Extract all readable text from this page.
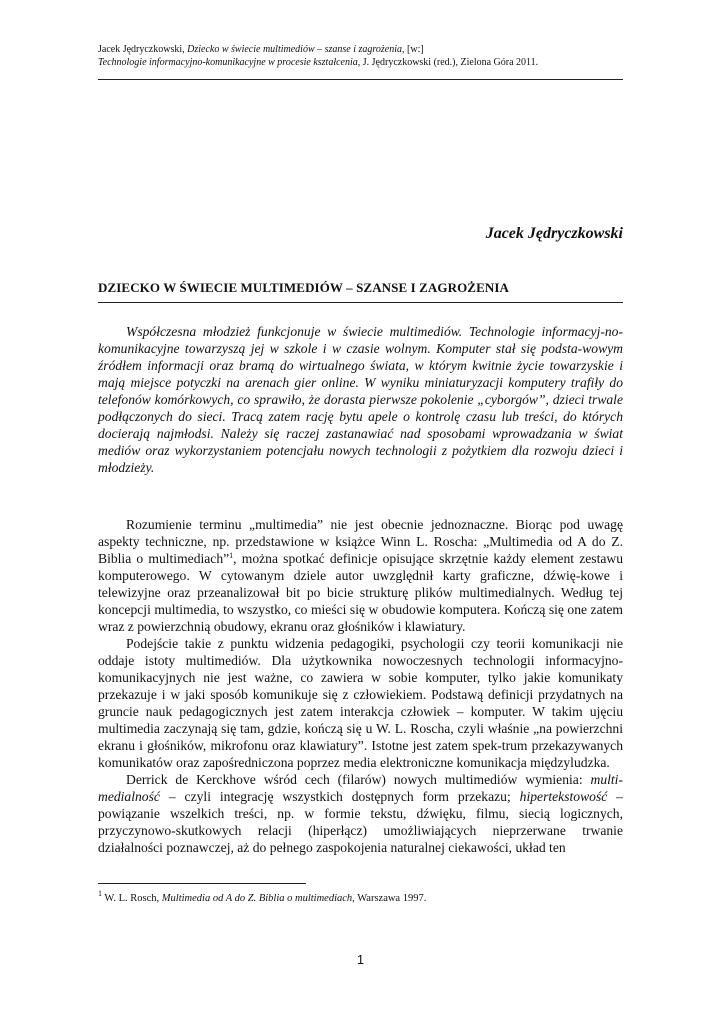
Jacek Jędryczkowski, Dziecko w świecie multimediów – szanse i zagrożenia, [w:]
Technologie informacyjno-komunikacyjne w procesie kształcenia, J. Jędryczkowski (red.), Zielona Góra 2011.
Jacek Jędryczkowski
DZIECKO W ŚWIECIE MULTIMEDIÓW – SZANSE I ZAGROŻENIA

Współczesna młodzież funkcjonuje w świecie multimediów. Technologie informacyj-no-komunikacyjne towarzyszą jej w szkole i w czasie wolnym. Komputer stał się podsta-wowym źródłem informacji oraz bramą do wirtualnego świata, w którym kwitnie życie towarzyskie i mają miejsce potyczki na arenach gier online. W wyniku miniaturyzacji komputery trafiły do telefonów komórkowych, co sprawiło, że dorasta pierwsze pokolenie „cyborgów”, dzieci trwale podłączonych do sieci. Tracą zatem rację bytu apele o kontrolę czasu lub treści, do których docierają najmłodsi. Należy się raczej zastanawiać nad sposobami wprowadzania w świat mediów oraz wykorzystaniem potencjału nowych technologii z pożytkiem dla rozwoju dzieci i młodzieży.

Rozumienie terminu „multimedia” nie jest obecnie jednoznaczne. Biorąc pod uwagę aspekty techniczne, np. przedstawione w książce Winn L. Roscha: „Multimedia od A do Z. Biblia o multimediach”$^1$, można spotkać definicje opisujące skrzętnie każdy element zestawu komputerowego. W cytowanym dziele autor uwzględnił karty graficzne, dźwię-kowe i telewizyjne oraz przeanalizował bit po bicie strukturę plików multimedialnych. Według tej koncepcji multimedia, to wszystko, co mieści się w obudowie komputera. Kończą się one zatem wraz z powierzchnią obudowy, ekranu oraz głośników i klawiatury.

Podejście takie z punktu widzenia pedagogiki, psychologii czy teorii komunikacji nie oddaje istoty multimediów. Dla użytkownika nowoczesnych technologii informacyjno-komunikacyjnych nie jest ważne, co zawiera w sobie komputer, tylko jakie komunikaty przekazuje i w jaki sposób komunikuje się z człowiekiem. Podstawą definicji przydatnych na gruncie nauk pedagogicznych jest zatem interakcja człowiek – komputer. W takim ujęciu multimedia zaczynają się tam, gdzie, kończą się u W. L. Roscha, czyli właśnie „na powierzchni ekranu i głośników, mikrofonu oraz klawiatury”. Istotne jest zatem spek-trum przekazywanych komunikatów oraz zapośredniczona poprzez media elektroniczne komunikacja międzyludzka.

Derrick de Kerckhove wśród cech (filarów) nowych multimediów wymienia: multi-medialność – czyli integrację wszystkich dostępnych form przekazu; hipertekstowość – powiązanie wszelkich treści, np. w formie tekstu, dźwięku, filmu, siecią logicznych, przyczynowo-skutkowych relacji (hiperłącz) umożliwiających nieprzerwane trwanie działalności poznawczej, aż do pełnego zaspokojenia naturalnej ciekawości, układ ten

$^1$ W. L. Rosch, Multimedia od A do Z. Biblia o multimediach, Warszawa 1997.
1
